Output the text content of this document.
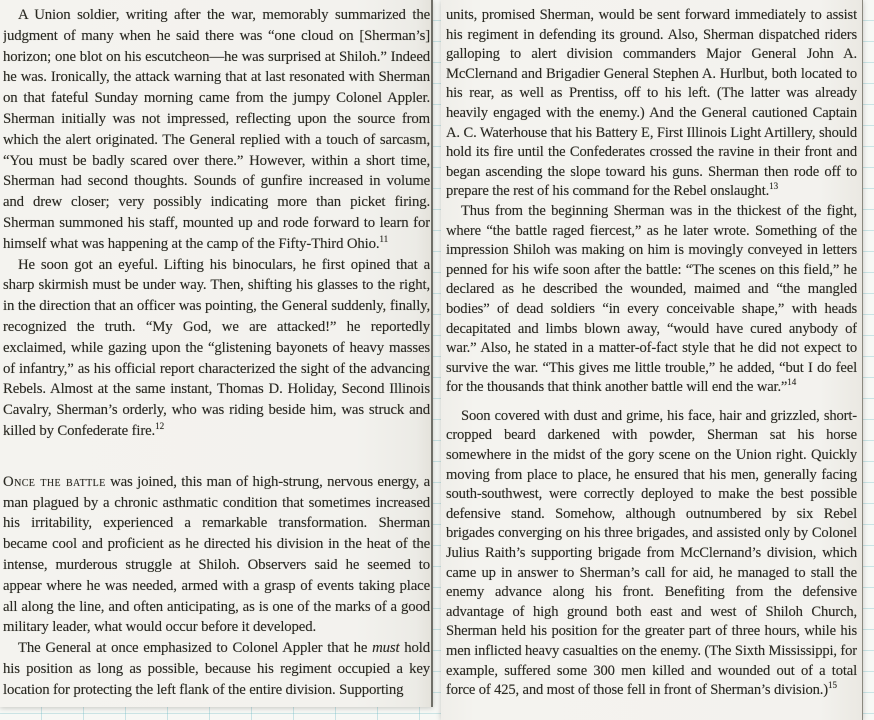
A Union soldier, writing after the war, memorably summarized the judgment of many when he said there was “one cloud on [Sherman’s] horizon; one blot on his escutcheon—he was surprised at Shiloh.” Indeed he was. Ironically, the attack warning that at last resonated with Sherman on that fateful Sunday morning came from the jumpy Colonel Appler. Sherman initially was not impressed, reflecting upon the source from which the alert originated. The General replied with a touch of sarcasm, “You must be badly scared over there.” However, within a short time, Sherman had second thoughts. Sounds of gunfire increased in volume and drew closer; very possibly indicating more than picket firing. Sherman summoned his staff, mounted up and rode forward to learn for himself what was happening at the camp of the Fifty-Third Ohio.$^{11}$

He soon got an eyeful. Lifting his binoculars, he first opined that a sharp skirmish must be under way. Then, shifting his glasses to the right, in the direction that an officer was pointing, the General suddenly, finally, recognized the truth. “My God, we are attacked!” he reportedly exclaimed, while gazing upon the “glistening bayonets of heavy masses of infantry,” as his official report characterized the sight of the advancing Rebels. Almost at the same instant, Thomas D. Holiday, Second Illinois Cavalry, Sherman’s orderly, who was riding beside him, was struck and killed by Confederate fire.$^{12}$

Once the battle was joined, this man of high-strung, nervous energy, a man plagued by a chronic asthmatic condition that sometimes increased his irritability, experienced a remarkable transformation. Sherman became cool and proficient as he directed his division in the heat of the intense, murderous struggle at Shiloh. Observers said he seemed to appear where he was needed, armed with a grasp of events taking place all along the line, and often anticipating, as is one of the marks of a good military leader, what would occur before it developed.

The General at once emphasized to Colonel Appler that he must hold his position as long as possible, because his regiment occupied a key location for protecting the left flank of the entire division. Supporting

units, promised Sherman, would be sent forward immediately to assist his regiment in defending its ground. Also, Sherman dispatched riders galloping to alert division commanders Major General John A. McClernand and Brigadier General Stephen A. Hurlbut, both located to his rear, as well as Prentiss, off to his left. (The latter was already heavily engaged with the enemy.) And the General cautioned Captain A. C. Waterhouse that his Battery E, First Illinois Light Artillery, should hold its fire until the Confederates crossed the ravine in their front and began ascending the slope toward his guns. Sherman then rode off to prepare the rest of his command for the Rebel onslaught.$^{13}$

Thus from the beginning Sherman was in the thickest of the fight, where “the battle raged fiercest,” as he later wrote. Something of the impression Shiloh was making on him is movingly conveyed in letters penned for his wife soon after the battle: “The scenes on this field,” he declared as he described the wounded, maimed and “the mangled bodies” of dead soldiers “in every conceivable shape,” with heads decapitated and limbs blown away, “would have cured anybody of war.” Also, he stated in a matter-of-fact style that he did not expect to survive the war. “This gives me little trouble,” he added, “but I do feel for the thousands that think another battle will end the war.”$^{14}$

Soon covered with dust and grime, his face, hair and grizzled, short-cropped beard darkened with powder, Sherman sat his horse somewhere in the midst of the gory scene on the Union right. Quickly moving from place to place, he ensured that his men, generally facing south-southwest, were correctly deployed to make the best possible defensive stand. Somehow, although outnumbered by six Rebel brigades converging on his three brigades, and assisted only by Colonel Julius Raith’s supporting brigade from McClernand’s division, which came up in answer to Sherman’s call for aid, he managed to stall the enemy advance along his front. Benefiting from the defensive advantage of high ground both east and west of Shiloh Church, Sherman held his position for the greater part of three hours, while his men inflicted heavy casualties on the enemy. (The Sixth Mississippi, for example, suffered some 300 men killed and wounded out of a total force of 425, and most of those fell in front of Sherman’s division.)$^{15}$
